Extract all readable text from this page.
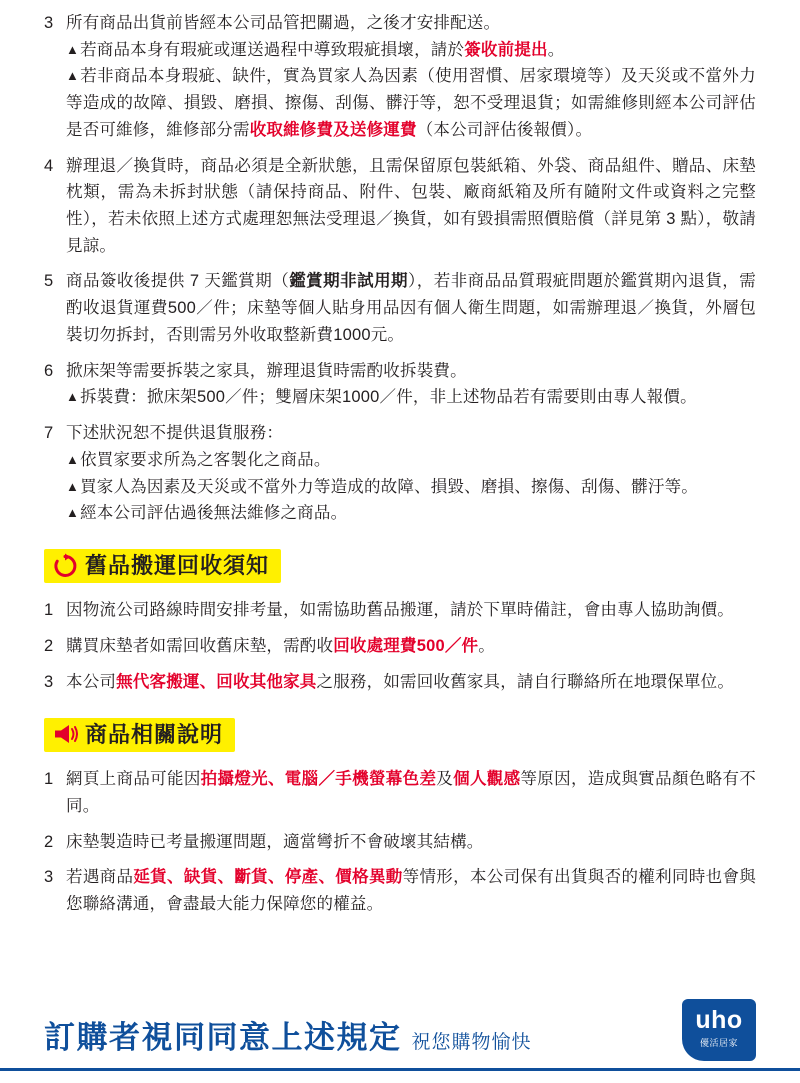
3 所有商品出貨前皆經本公司品管把關過，之後才安排配送。
▲若商品本身有瑕疵或運送過程中導致瑕疵損壞，請於簽收前提出。
▲若非商品本身瑕疵、缺件，實為買家人為因素（使用習慣、居家環境等）及天災或不當外力等造成的故障、損毀、磨損、擦傷、刮傷、髒汙等，恕不受理退貨；如需維修則經本公司評估是否可維修，維修部分需收取維修費及送修運費（本公司評估後報價）。
4 辦理退／換貨時，商品必須是全新狀態，且需保留原包裝紙箱、外袋、商品組件、贈品、床墊枕類，需為未拆封狀態（請保持商品、附件、包裝、廠商紙箱及所有隨附文件或資料之完整性），若未依照上述方式處理恕無法受理退／換貨，如有毀損需照價賠償（詳見第 3 點），敬請見諒。
5 商品簽收後提供 7 天鑑賞期（鑑賞期非試用期），若非商品品質瑕疵問題於鑑賞期內退貨，需酌收退貨運費500／件；床墊等個人貼身用品因有個人衛生問題，如需辦理退／換貨，外層包裝切勿拆封，否則需另外收取整新費1000元。
6 掀床架等需要拆裝之家具，辦理退貨時需酌收拆裝費。
▲拆裝費：掀床架500／件；雙層床架1000／件，非上述物品若有需要則由專人報價。
7 下述狀況恕不提供退貨服務：
▲依買家要求所為之客製化之商品。
▲買家人為因素及天災或不當外力等造成的故障、損毀、磨損、擦傷、刮傷、髒汙等。
▲經本公司評估過後無法維修之商品。
舊品搬運回收須知
1 因物流公司路線時間安排考量，如需協助舊品搬運，請於下單時備註，會由專人協助詢價。
2 購買床墊者如需回收舊床墊，需酌收回收處理費500／件。
3 本公司無代客搬運、回收其他家具之服務，如需回收舊家具，請自行聯絡所在地環保單位。
商品相關說明
1 網頁上商品可能因拍攝燈光、電腦／手機螢幕色差及個人觀感等原因，造成與實品顏色略有不同。
2 床墊製造時已考量搬運問題，適當彎折不會破壞其結構。
3 若遇商品延貨、缺貨、斷貨、停產、價格異動等情形，本公司保有出貨與否的權利同時也會與您聯絡溝通，會盡最大能力保障您的權益。
訂購者視同同意上述規定 祝您購物愉快
uho
優活居家
